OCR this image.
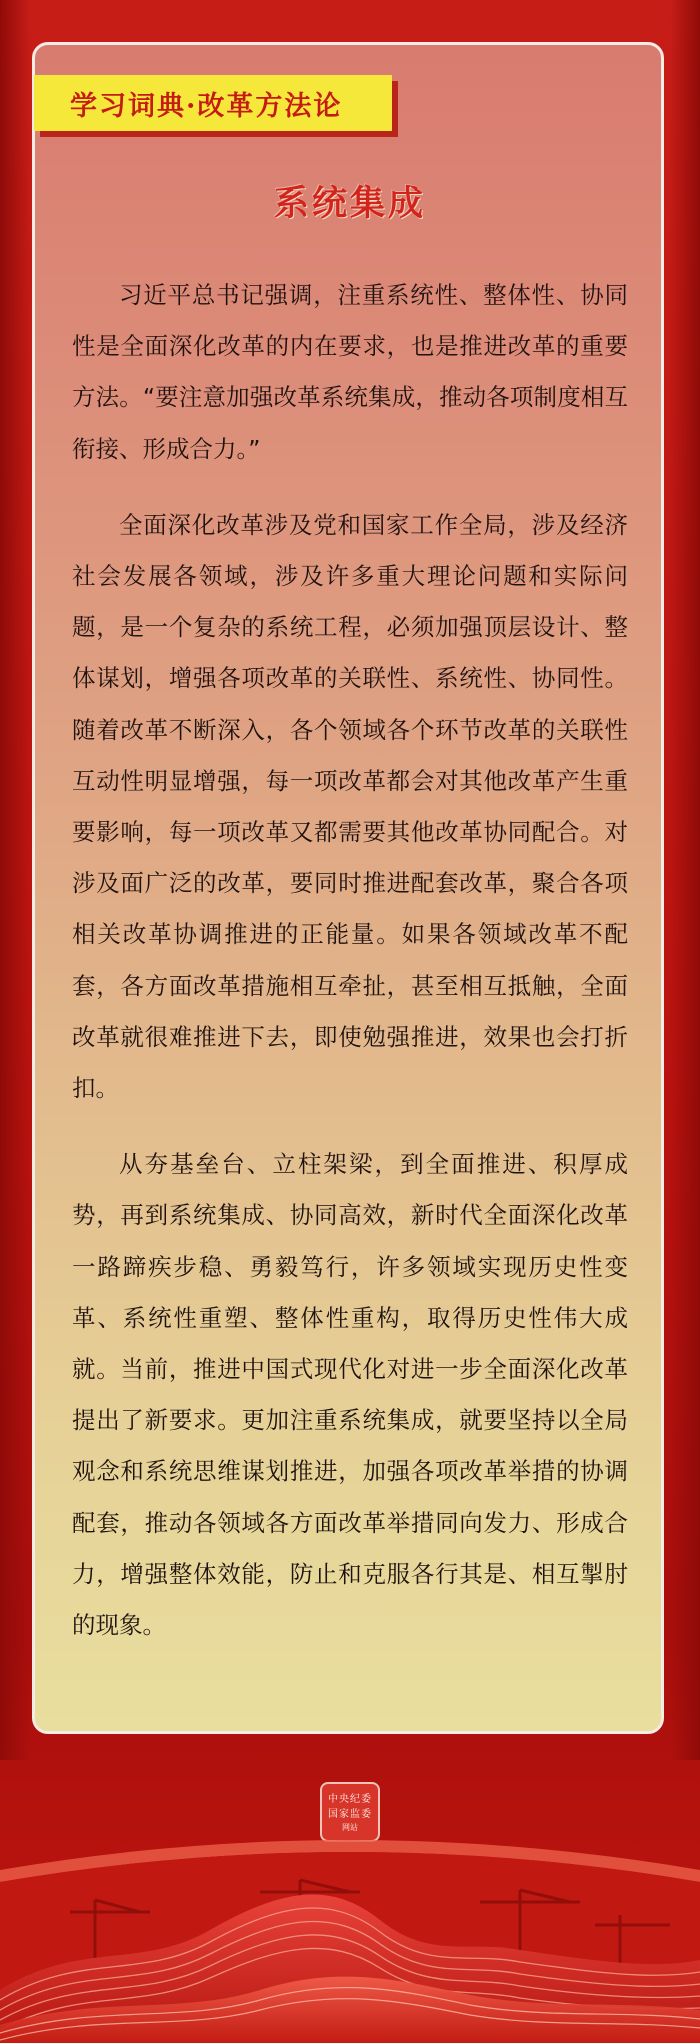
学习词典·改革方法论
系统集成

习近平总书记强调，注重系统性、整体性、协同性是全面深化改革的内在要求，也是推进改革的重要方法。“要注意加强改革系统集成，推动各项制度相互衔接、形成合力。”

全面深化改革涉及党和国家工作全局，涉及经济社会发展各领域，涉及许多重大理论问题和实际问题，是一个复杂的系统工程，必须加强顶层设计、整体谋划，增强各项改革的关联性、系统性、协同性。随着改革不断深入，各个领域各个环节改革的关联性互动性明显增强，每一项改革都会对其他改革产生重要影响，每一项改革又都需要其他改革协同配合。对涉及面广泛的改革，要同时推进配套改革，聚合各项相关改革协调推进的正能量。如果各领域改革不配套，各方面改革措施相互牵扯，甚至相互抵触，全面改革就很难推进下去，即使勉强推进，效果也会打折扣。

从夯基垒台、立柱架梁，到全面推进、积厚成势，再到系统集成、协同高效，新时代全面深化改革一路蹄疾步稳、勇毅笃行，许多领域实现历史性变革、系统性重塑、整体性重构，取得历史性伟大成就。当前，推进中国式现代化对进一步全面深化改革提出了新要求。更加注重系统集成，就要坚持以全局观念和系统思维谋划推进，加强各项改革举措的协调配套，推动各领域各方面改革举措同向发力、形成合力，增强整体效能，防止和克服各行其是、相互掣肘的现象。

中央纪委
国家监委
网站
